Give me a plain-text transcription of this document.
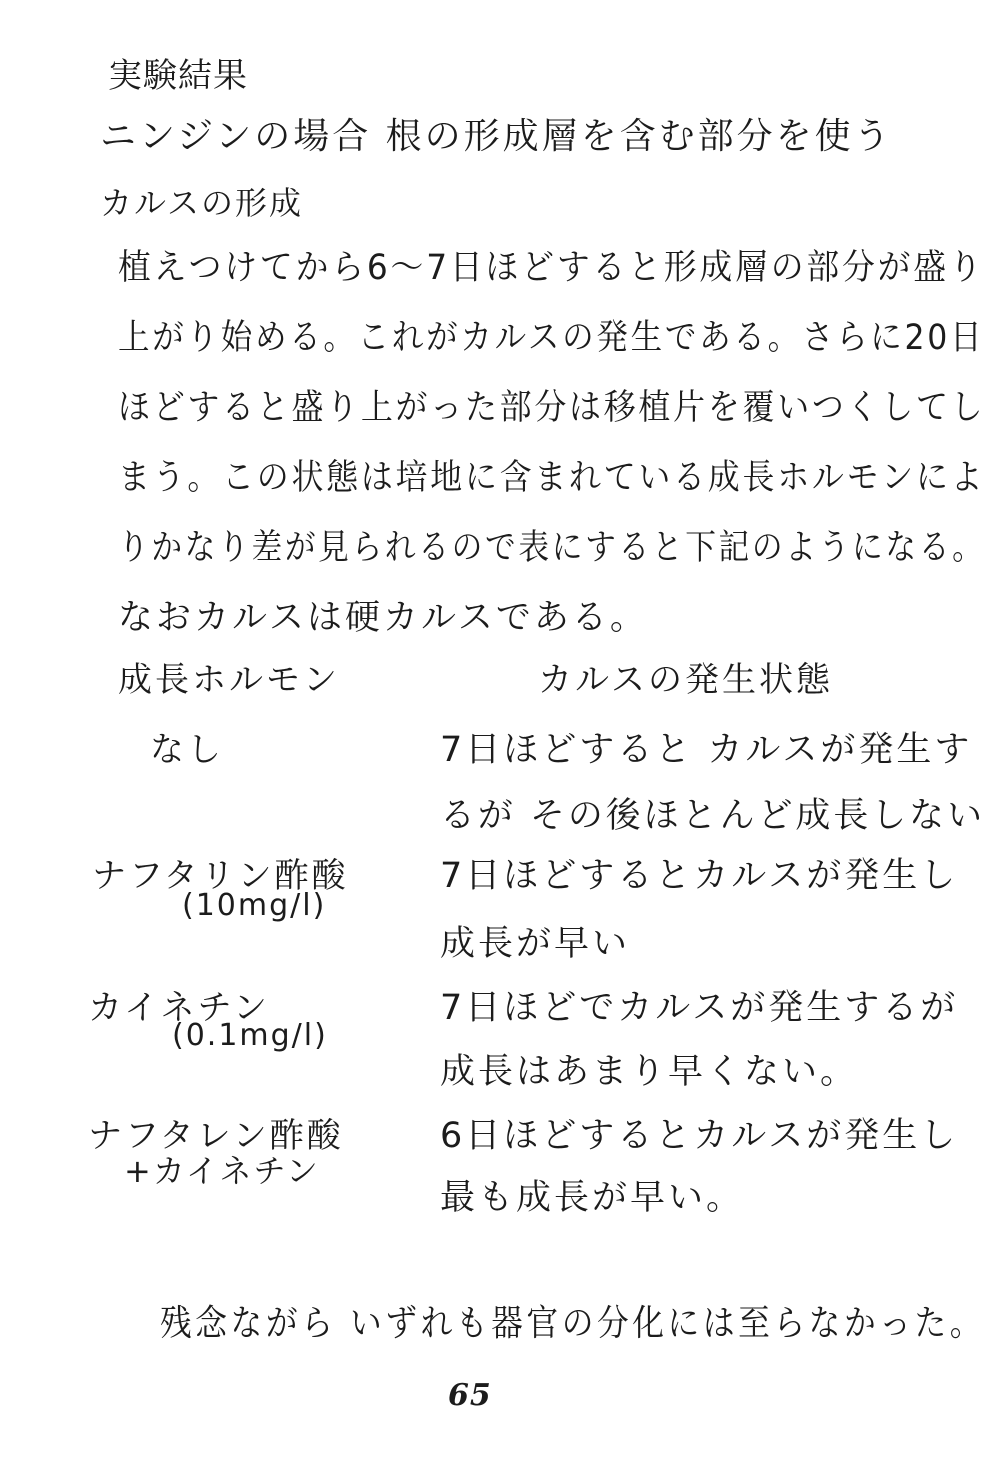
実験結果
ニンジンの場合 根の形成層を含む部分を使う
カルスの形成
植えつけてから6〜7日ほどすると形成層の部分が盛り
上がり始める。これがカルスの発生である。さらに20日
ほどすると盛り上がった部分は移植片を覆いつくしてし
まう。この状態は培地に含まれている成長ホルモンによ
りかなり差が見られるので表にすると下記のようになる。
なおカルスは硬カルスである。
成長ホルモン	カルスの発生状態
なし	7日ほどすると カルスが発生す
るが その後ほとんど成長しない
ナフタリン酢酸
(10mg/l)
7日ほどするとカルスが発生し
成長が早い
カイネチン
(0.1mg/l)
7日ほどでカルスが発生するが
成長はあまり早くない。
ナフタレン酢酸
+カイネチン
6日ほどするとカルスが発生し
最も成長が早い。
残念ながら いずれも器官の分化には至らなかった。
65
